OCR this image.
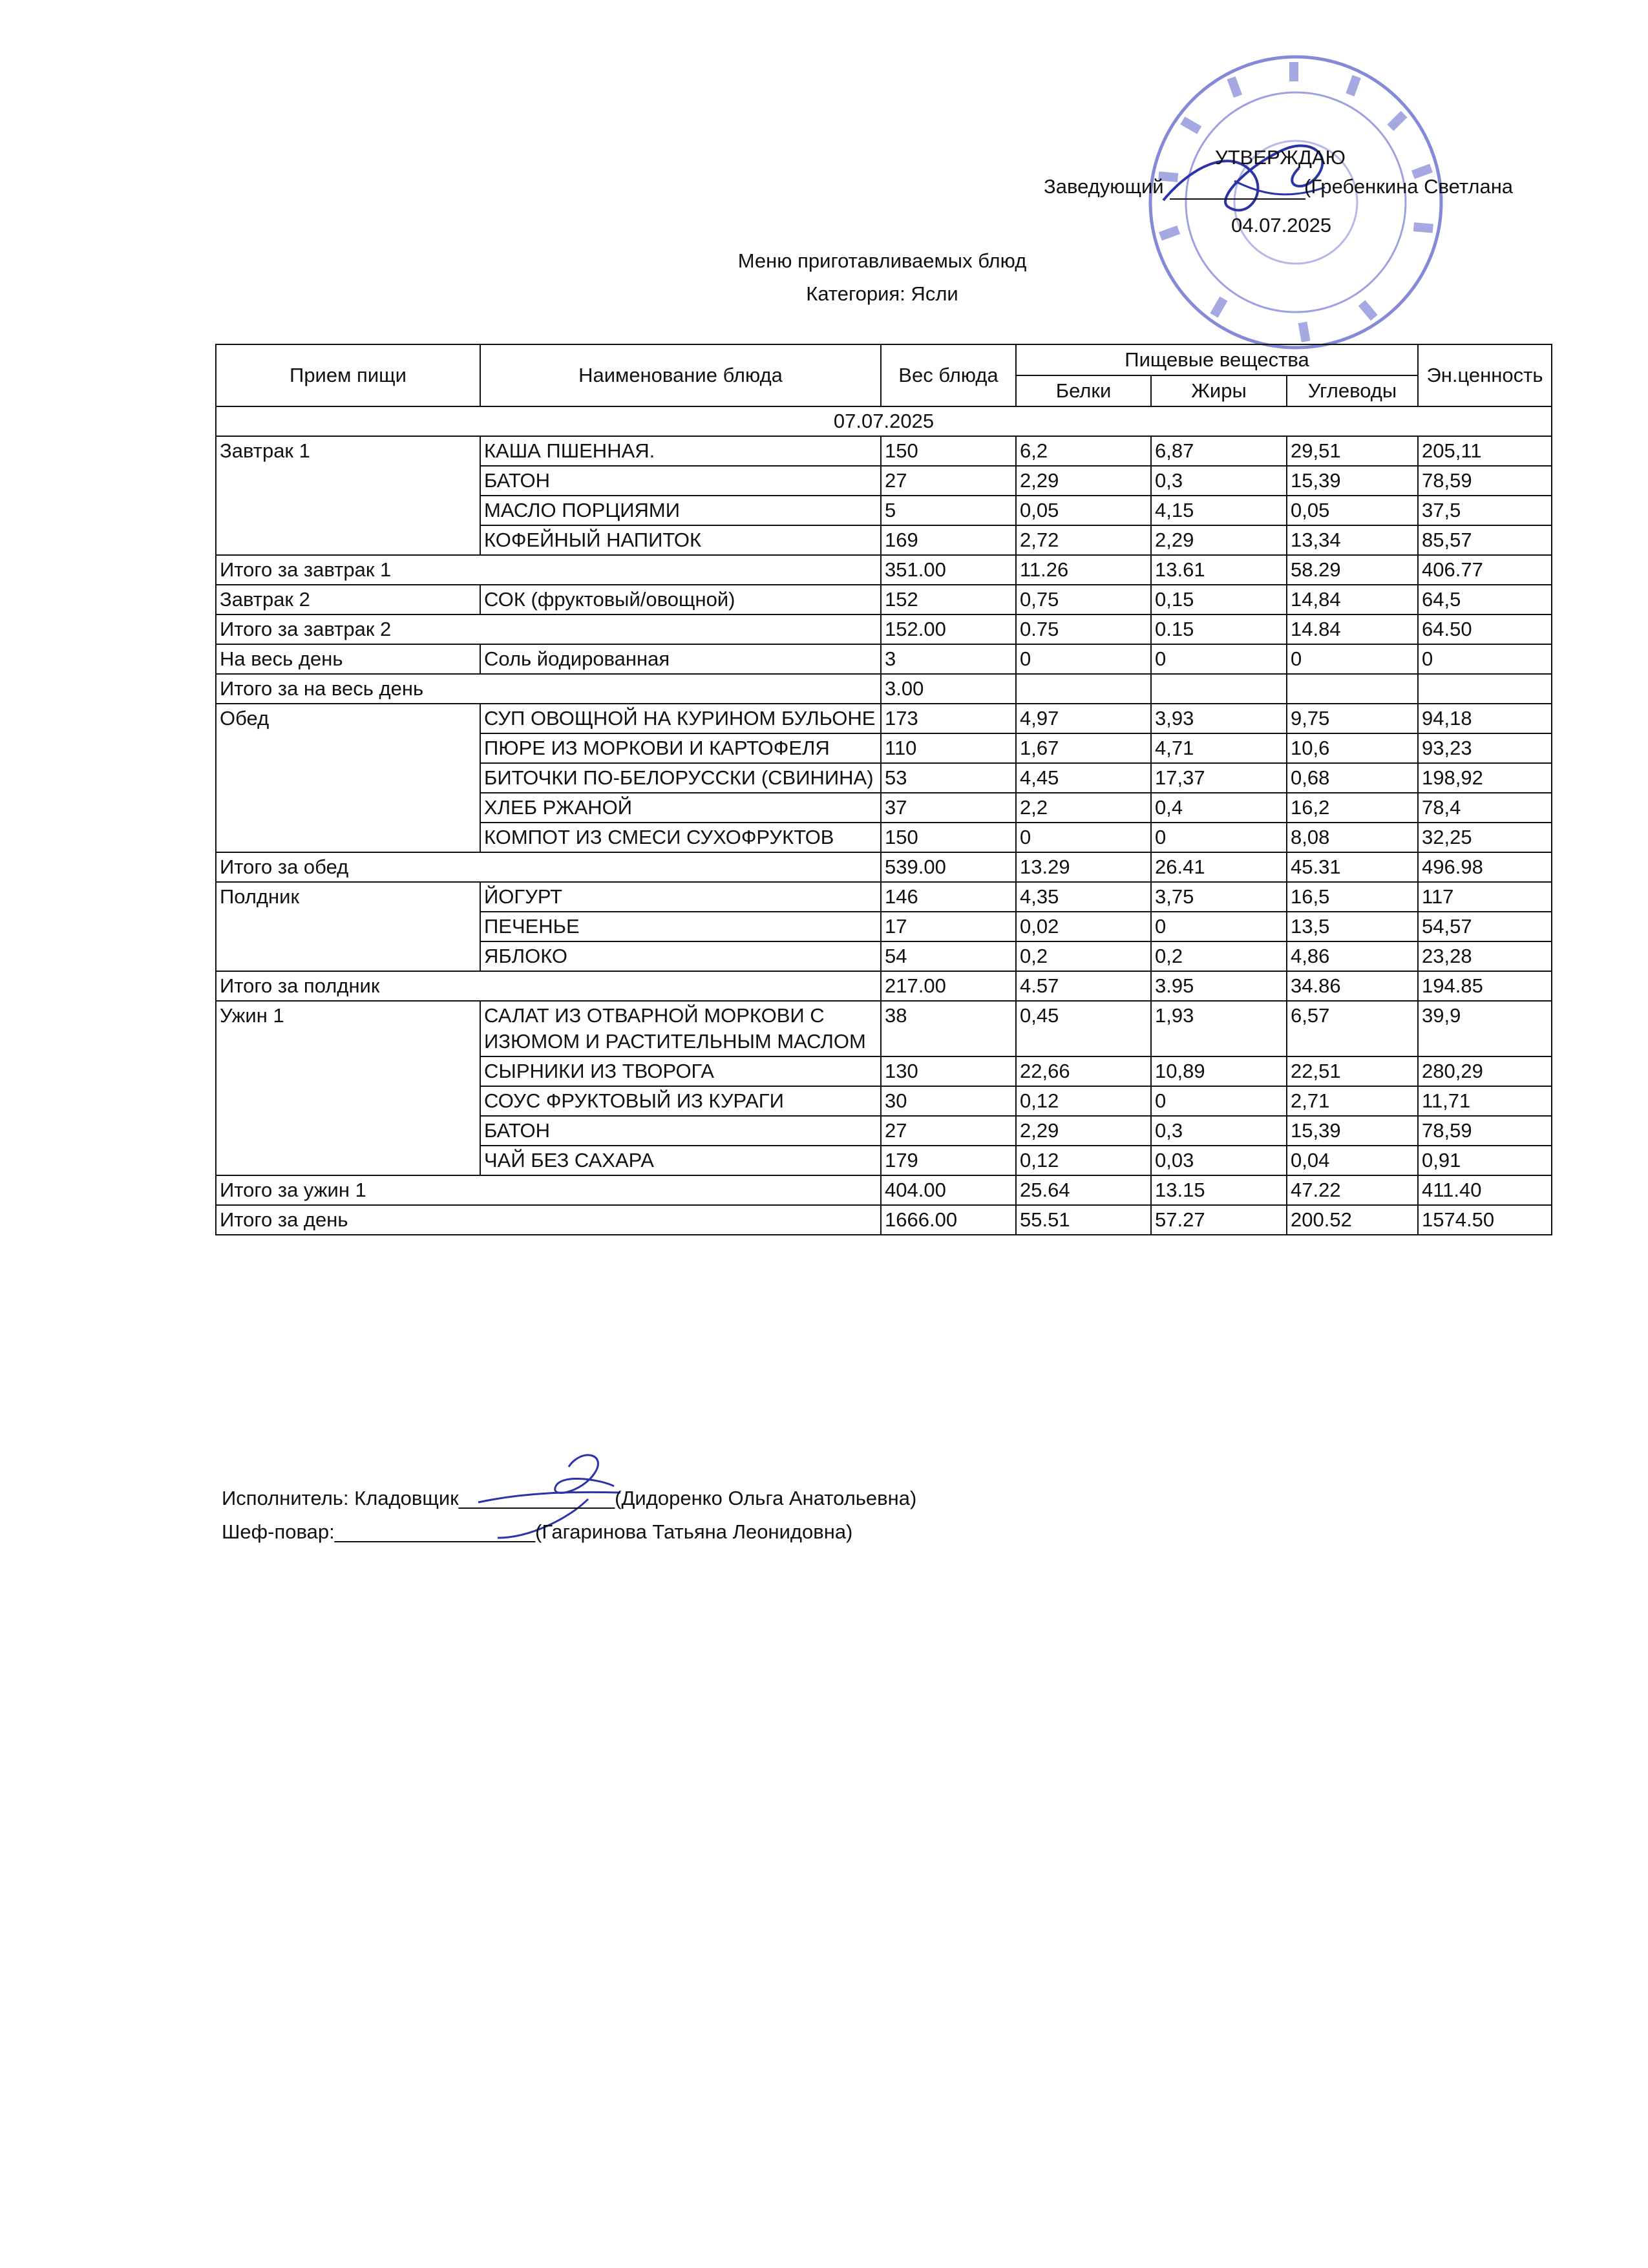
УТВЕРЖДАЮ
Заведующий	(Гребенкина Светлана
04.07.2025
Меню приготавливаемых блюд
Категория: Ясли
Прием пищи	Наименование блюда	Вес блюда	Пищевые вещества			Эн.ценность
			Белки	Жиры	Углеводы	
07.07.2025						
Завтрак 1	КАША ПШЕННАЯ.	150	6,2	6,87	29,51	205,11
	БАТОН	27	2,29	0,3	15,39	78,59
	МАСЛО ПОРЦИЯМИ	5	0,05	4,15	0,05	37,5
	КОФЕЙНЫЙ НАПИТОК	169	2,72	2,29	13,34	85,57
Итого за завтрак 1		351.00	11.26	13.61	58.29	406.77
Завтрак 2	СОК (фруктовый/овощной)	152	0,75	0,15	14,84	64,5
Итого за завтрак 2		152.00	0.75	0.15	14.84	64.50
На весь день	Соль йодированная	3	0	0	0	0
Итого за на весь день		3.00				
Обед	СУП ОВОЩНОЙ НА КУРИНОМ БУЛЬОНЕ	173	4,97	3,93	9,75	94,18
	ПЮРЕ ИЗ МОРКОВИ И КАРТОФЕЛЯ	110	1,67	4,71	10,6	93,23
	БИТОЧКИ ПО-БЕЛОРУССКИ (СВИНИНА)	53	4,45	17,37	0,68	198,92
	ХЛЕБ РЖАНОЙ	37	2,2	0,4	16,2	78,4
	КОМПОТ ИЗ СМЕСИ СУХОФРУКТОВ	150	0	0	8,08	32,25
Итого за обед		539.00	13.29	26.41	45.31	496.98
Полдник	ЙОГУРТ	146	4,35	3,75	16,5	117
	ПЕЧЕНЬЕ	17	0,02	0	13,5	54,57
	ЯБЛОКО	54	0,2	0,2	4,86	23,28
Итого за полдник		217.00	4.57	3.95	34.86	194.85
Ужин 1	САЛАТ ИЗ ОТВАРНОЙ МОРКОВИ С ИЗЮМОМ И РАСТИТЕЛЬНЫМ МАСЛОМ	38	0,45	1,93	6,57	39,9
	СЫРНИКИ ИЗ ТВОРОГА	130	22,66	10,89	22,51	280,29
	СОУС ФРУКТОВЫЙ ИЗ КУРАГИ	30	0,12	0	2,71	11,71
	БАТОН	27	2,29	0,3	15,39	78,59
	ЧАЙ БЕЗ САХАРА	179	0,12	0,03	0,04	0,91
Итого за ужин 1		404.00	25.64	13.15	47.22	411.40
Итого за день		1666.00	55.51	57.27	200.52	1574.50
Исполнитель: Кладовщик______________(Дидоренко Ольга Анатольевна)
Шеф-повар:__________________(Гагаринова Татьяна Леонидовна)
